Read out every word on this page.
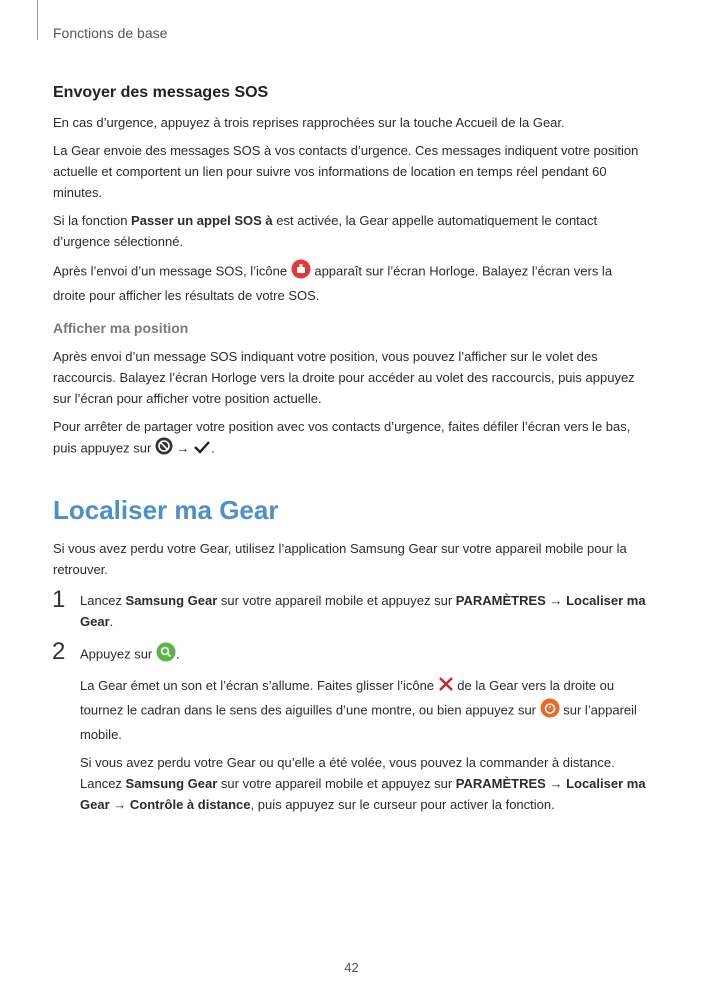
Fonctions de base
Envoyer des messages SOS

En cas d’urgence, appuyez à trois reprises rapprochées sur la touche Accueil de la Gear.

La Gear envoie des messages SOS à vos contacts d’urgence. Ces messages indiquent votre position actuelle et comportent un lien pour suivre vos informations de location en temps réel pendant 60 minutes.

Si la fonction Passer un appel SOS à est activée, la Gear appelle automatiquement le contact d’urgence sélectionné.

Après l’envoi d’un message SOS, l’icône  apparaît sur l’écran Horloge. Balayez l’écran vers la droite pour afficher les résultats de votre SOS.

Afficher ma position

Après envoi d’un message SOS indiquant votre position, vous pouvez l’afficher sur le volet des raccourcis. Balayez l’écran Horloge vers la droite pour accéder au volet des raccourcis, puis appuyez sur l’écran pour afficher votre position actuelle.

Pour arrêter de partager votre position avec vos contacts d’urgence, faites défiler l’écran vers le bas, puis appuyez sur  → .

Localiser ma Gear

Si vous avez perdu votre Gear, utilisez l’application Samsung Gear sur votre appareil mobile pour la retrouver.

1 Lancez Samsung Gear sur votre appareil mobile et appuyez sur PARAMÈTRES → Localiser ma Gear.

2 Appuyez sur .

La Gear émet un son et l’écran s’allume. Faites glisser l’icône  de la Gear vers la droite ou tournez le cadran dans le sens des aiguilles d’une montre, ou bien appuyez sur  sur l’appareil mobile.

Si vous avez perdu votre Gear ou qu’elle a été volée, vous pouvez la commander à distance. Lancez Samsung Gear sur votre appareil mobile et appuyez sur PARAMÈTRES → Localiser ma Gear → Contrôle à distance, puis appuyez sur le curseur pour activer la fonction.

42
